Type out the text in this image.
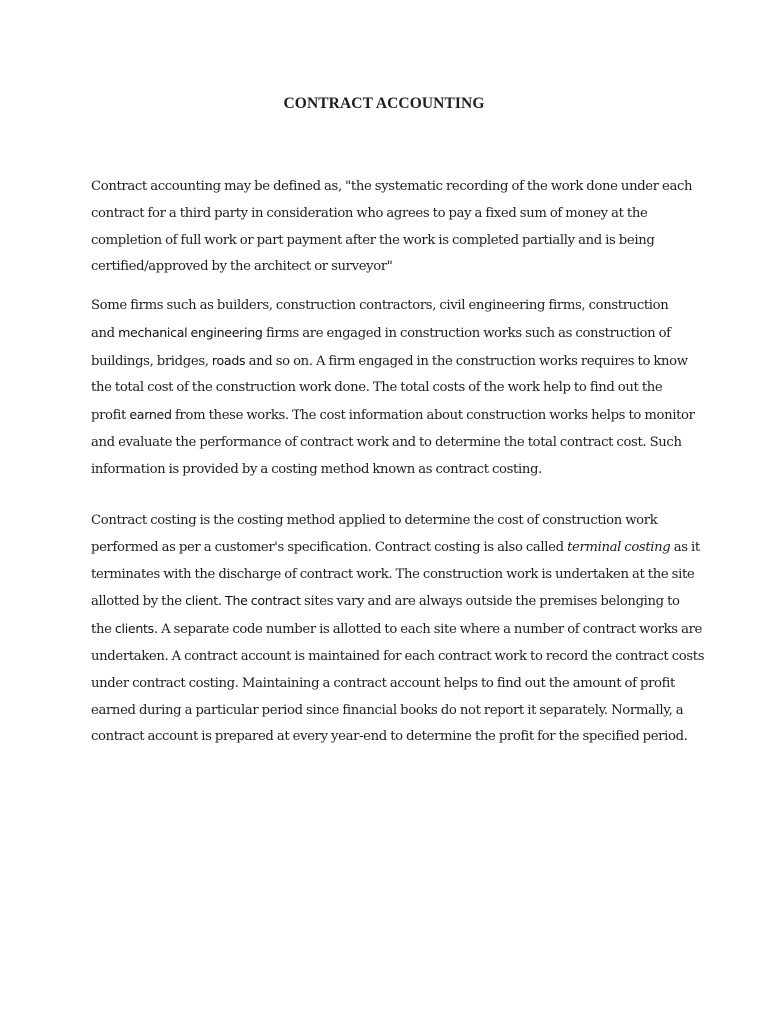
CONTRACT ACCOUNTING

Contract accounting may be defined as, "the systematic recording of the work done under each
contract for a third party in consideration who agrees to pay a fixed sum of money at the
completion of full work or part payment after the work is completed partially and is being
certified/approved by the architect or surveyor"

Some firms such as builders, construction contractors, civil engineering firms, construction
and mechanical engineering firms are engaged in construction works such as construction of
buildings, bridges, roads and so on. A firm engaged in the construction works requires to know
the total cost of the construction work done. The total costs of the work help to find out the
profit earned from these works. The cost information about construction works helps to monitor
and evaluate the performance of contract work and to determine the total contract cost. Such
information is provided by a costing method known as contract costing.

Contract costing is the costing method applied to determine the cost of construction work
performed as per a customer's specification. Contract costing is also called terminal costing as it
terminates with the discharge of contract work. The construction work is undertaken at the site
allotted by the client. The contract sites vary and are always outside the premises belonging to
the clients. A separate code number is allotted to each site where a number of contract works are
undertaken. A contract account is maintained for each contract work to record the contract costs
under contract costing. Maintaining a contract account helps to find out the amount of profit
earned during a particular period since financial books do not report it separately. Normally, a
contract account is prepared at every year-end to determine the profit for the specified period.
